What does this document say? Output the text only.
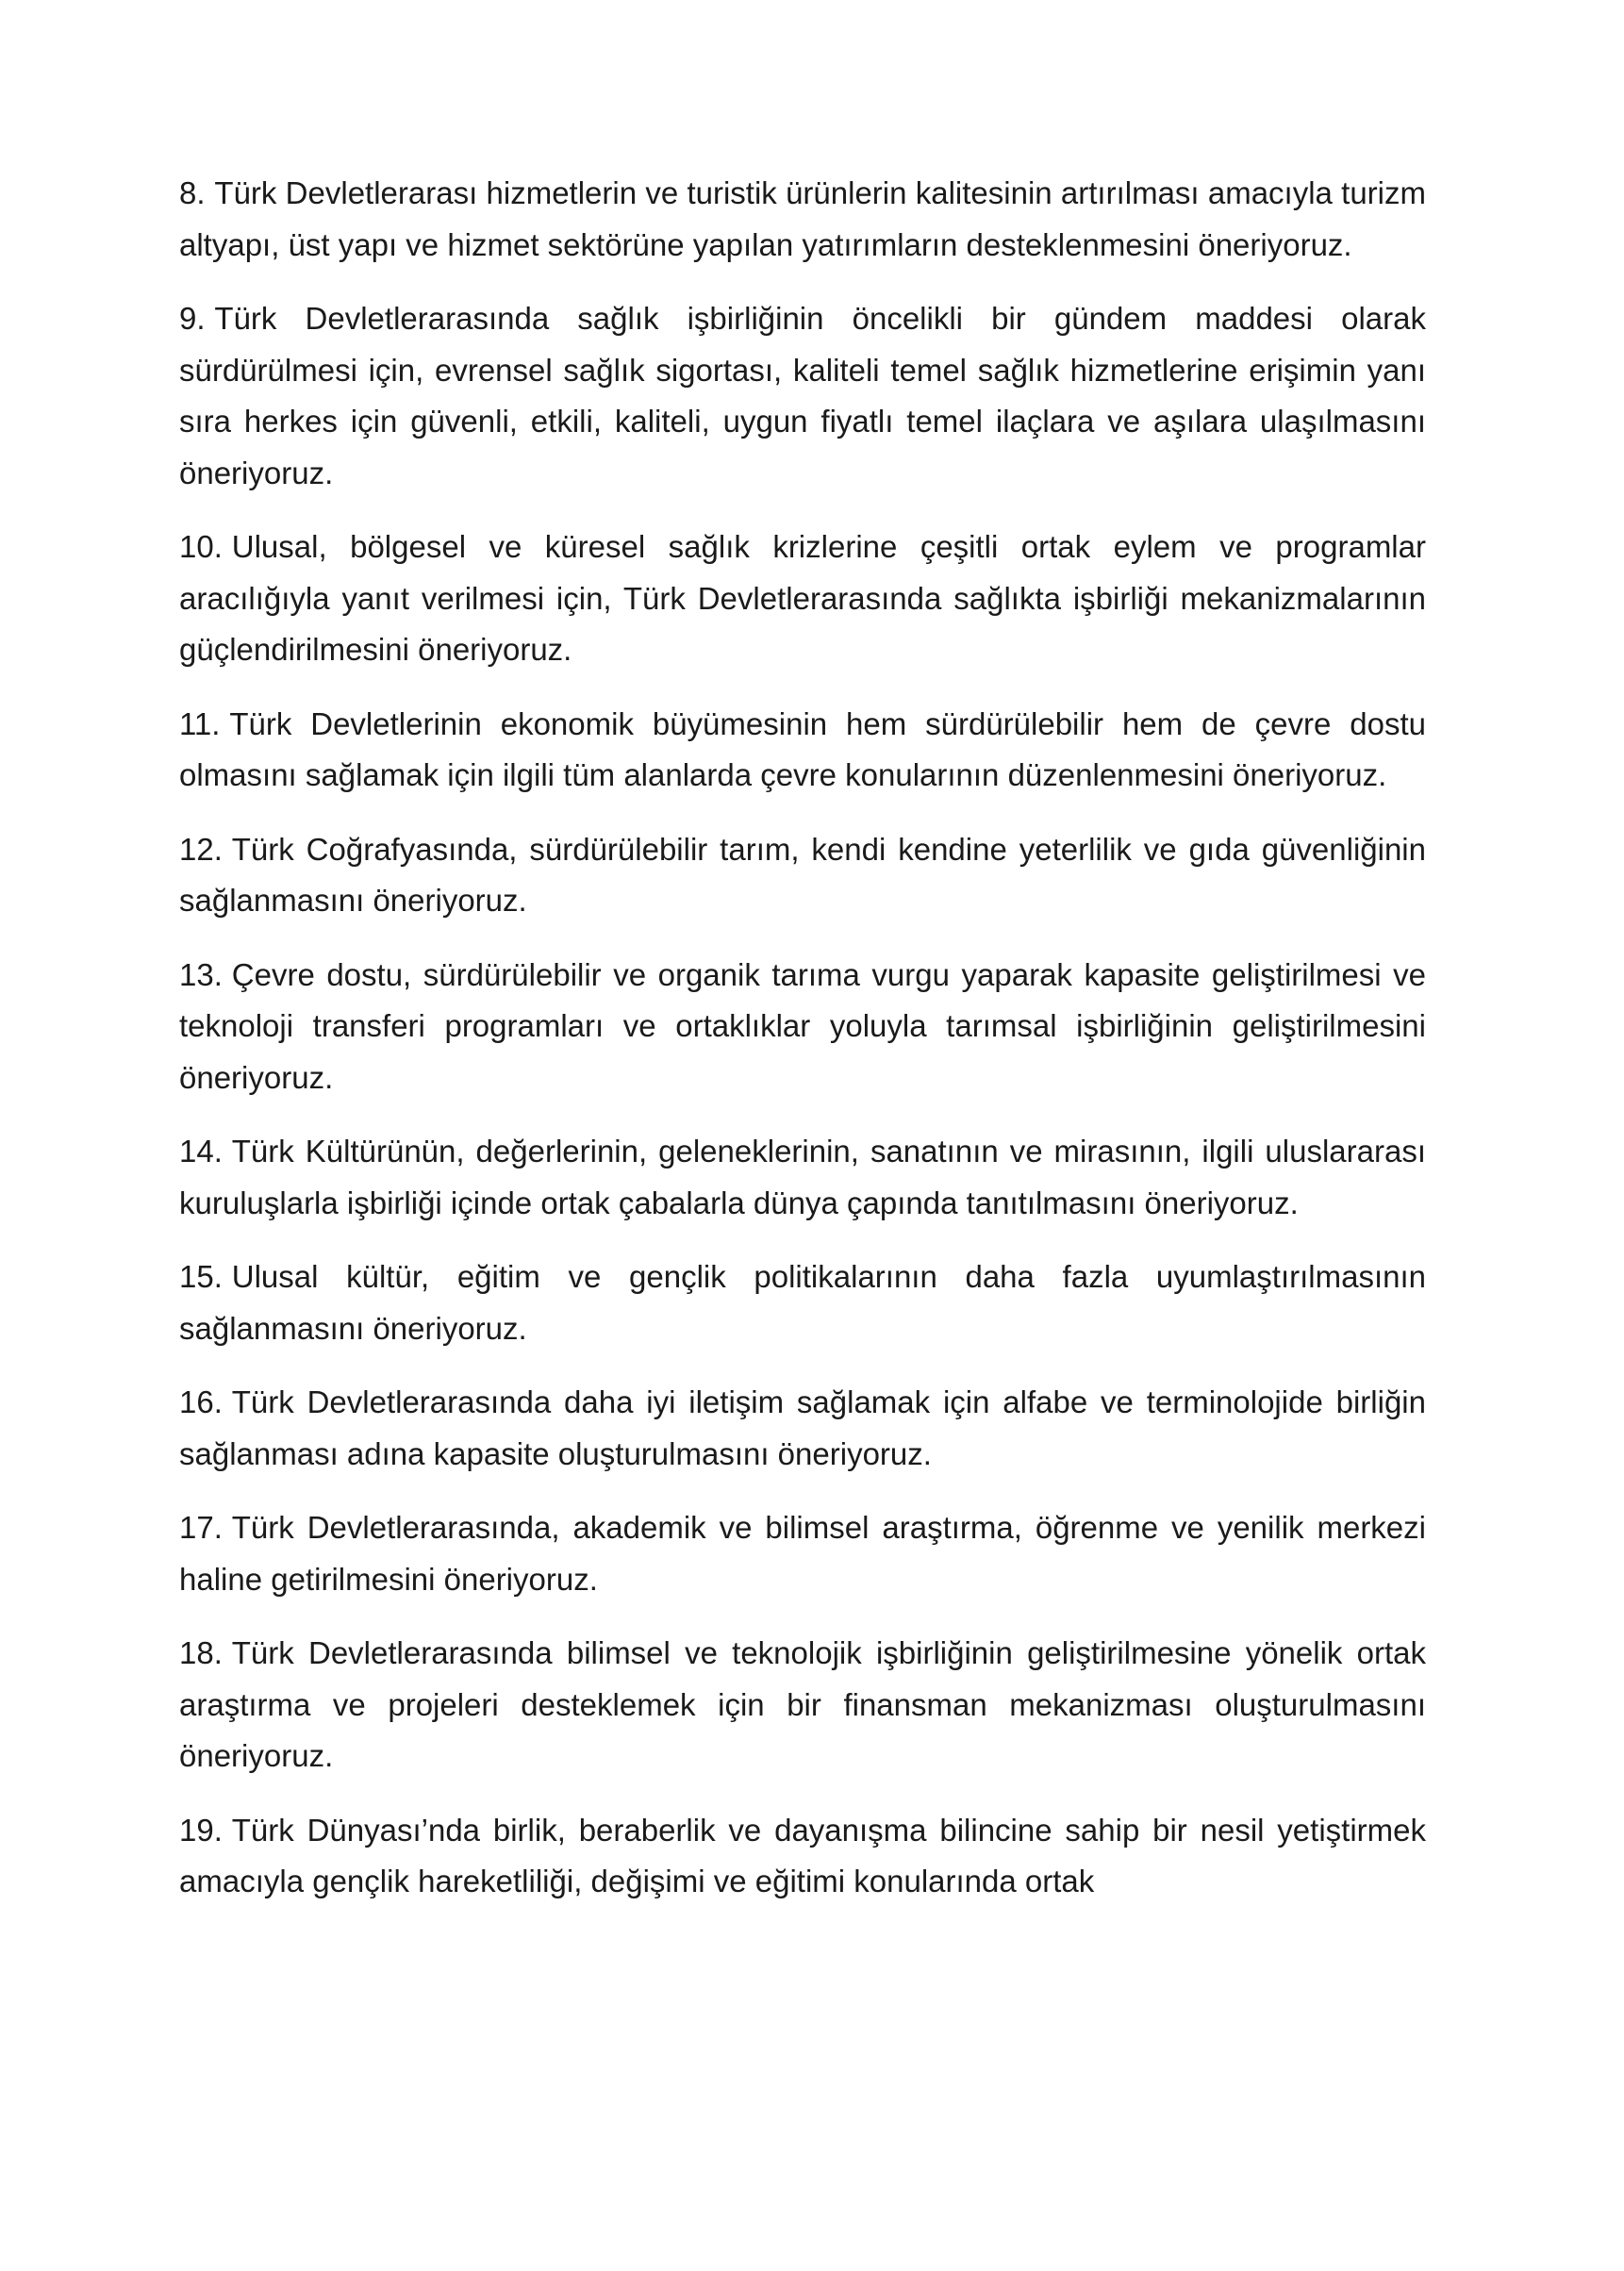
8. Türk Devletlerarası hizmetlerin ve turistik ürünlerin kalitesinin artırılması amacıyla turizm altyapı, üst yapı ve hizmet sektörüne yapılan yatırımların desteklenmesini öneriyoruz.

9. Türk Devletlerarasında sağlık işbirliğinin öncelikli bir gündem maddesi olarak sürdürülmesi için, evrensel sağlık sigortası, kaliteli temel sağlık hizmetlerine erişimin yanı sıra herkes için güvenli, etkili, kaliteli, uygun fiyatlı temel ilaçlara ve aşılara ulaşılmasını öneriyoruz.

10. Ulusal, bölgesel ve küresel sağlık krizlerine çeşitli ortak eylem ve programlar aracılığıyla yanıt verilmesi için, Türk Devletlerarasında sağlıkta işbirliği mekanizmalarının güçlendirilmesini öneriyoruz.

11. Türk Devletlerinin ekonomik büyümesinin hem sürdürülebilir hem de çevre dostu olmasını sağlamak için ilgili tüm alanlarda çevre konularının düzenlenmesini öneriyoruz.

12. Türk Coğrafyasında, sürdürülebilir tarım, kendi kendine yeterlilik ve gıda güvenliğinin sağlanmasını öneriyoruz.

13. Çevre dostu, sürdürülebilir ve organik tarıma vurgu yaparak kapasite geliştirilmesi ve teknoloji transferi programları ve ortaklıklar yoluyla tarımsal işbirliğinin geliştirilmesini öneriyoruz.

14. Türk Kültürünün, değerlerinin, geleneklerinin, sanatının ve mirasının, ilgili uluslararası kuruluşlarla işbirliği içinde ortak çabalarla dünya çapında tanıtılmasını öneriyoruz.

15. Ulusal kültür, eğitim ve gençlik politikalarının daha fazla uyumlaştırılmasının sağlanmasını öneriyoruz.

16. Türk Devletlerarasında daha iyi iletişim sağlamak için alfabe ve terminolojide birliğin sağlanması adına kapasite oluşturulmasını öneriyoruz.

17. Türk Devletlerarasında, akademik ve bilimsel araştırma, öğrenme ve yenilik merkezi haline getirilmesini öneriyoruz.

18. Türk Devletlerarasında bilimsel ve teknolojik işbirliğinin geliştirilmesine yönelik ortak araştırma ve projeleri desteklemek için bir finansman mekanizması oluşturulmasını öneriyoruz.

19. Türk Dünyası’nda birlik, beraberlik ve dayanışma bilincine sahip bir nesil yetiştirmek amacıyla gençlik hareketliliği, değişimi ve eğitimi konularında ortak
